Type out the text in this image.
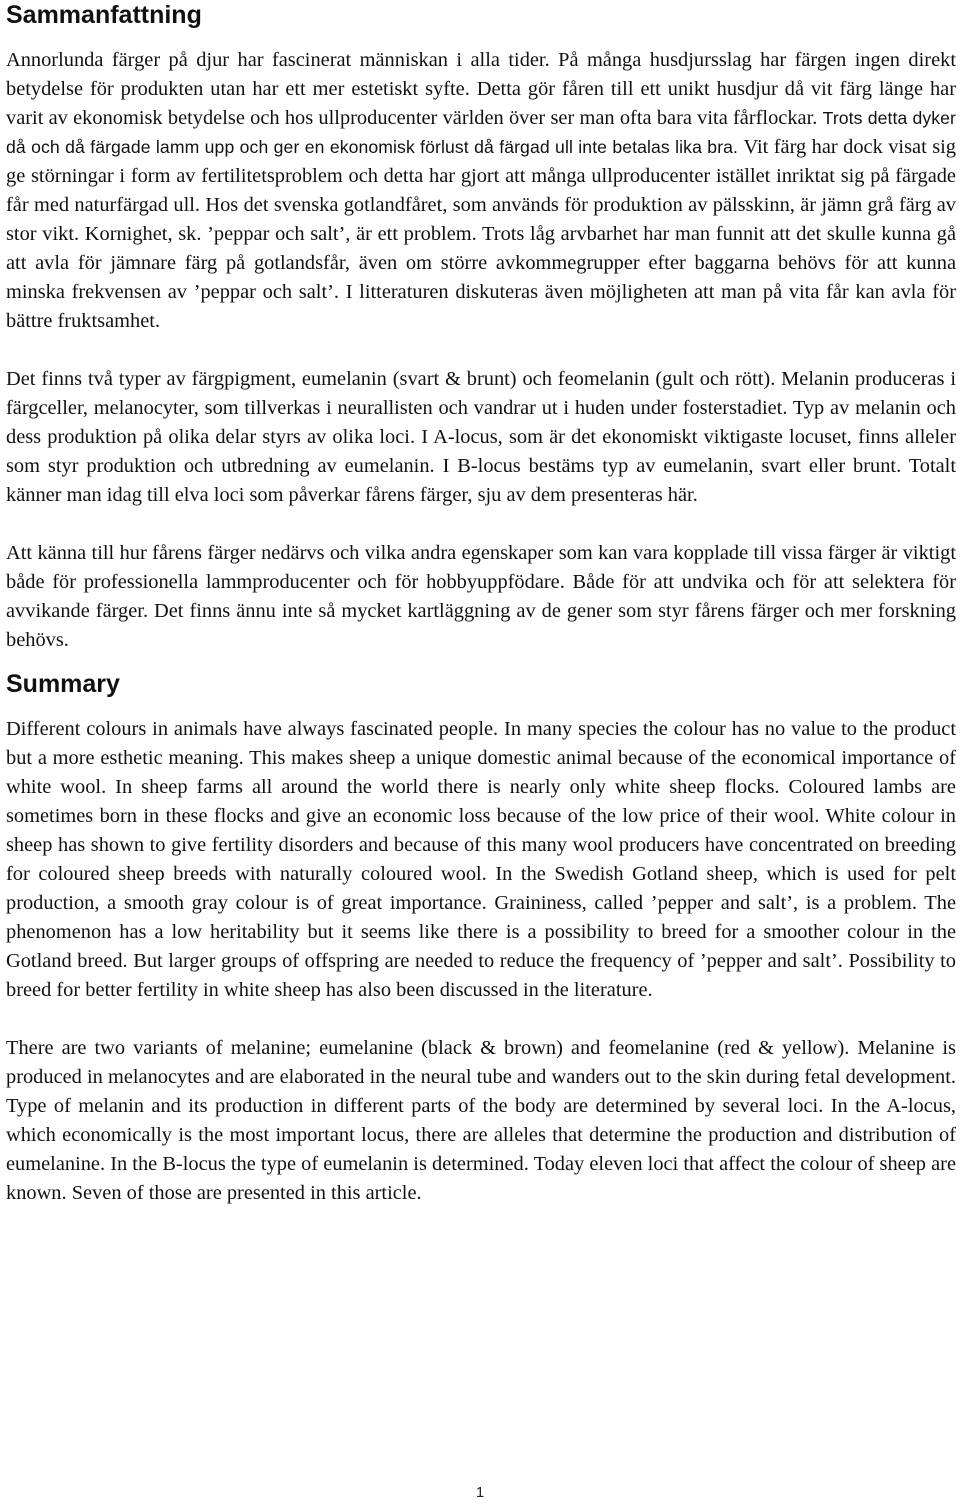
Sammanfattning

Annorlunda färger på djur har fascinerat människan i alla tider. På många husdjursslag har färgen ingen direkt betydelse för produkten utan har ett mer estetiskt syfte. Detta gör fåren till ett unikt husdjur då vit färg länge har varit av ekonomisk betydelse och hos ullproducenter världen över ser man ofta bara vita fårflockar. Trots detta dyker då och då färgade lamm upp och ger en ekonomisk förlust då färgad ull inte betalas lika bra. Vit färg har dock visat sig ge störningar i form av fertilitetsproblem och detta har gjort att många ullproducenter istället inriktat sig på färgade får med naturfärgad ull. Hos det svenska gotlandfåret, som används för produktion av pälsskinn, är jämn grå färg av stor vikt. Kornighet, sk. ’peppar och salt’, är ett problem. Trots låg arvbarhet har man funnit att det skulle kunna gå att avla för jämnare färg på gotlandsfår, även om större avkommegrupper efter baggarna behövs för att kunna minska frekvensen av ’peppar och salt’. I litteraturen diskuteras även möjligheten att man på vita får kan avla för bättre fruktsamhet.

Det finns två typer av färgpigment, eumelanin (svart & brunt) och feomelanin (gult och rött). Melanin produceras i färgceller, melanocyter, som tillverkas i neurallisten och vandrar ut i huden under fosterstadiet. Typ av melanin och dess produktion på olika delar styrs av olika loci. I A-locus, som är det ekonomiskt viktigaste locuset, finns alleler som styr produktion och utbredning av eumelanin. I B-locus bestäms typ av eumelanin, svart eller brunt. Totalt känner man idag till elva loci som påverkar fårens färger, sju av dem presenteras här.

Att känna till hur fårens färger nedärvs och vilka andra egenskaper som kan vara kopplade till vissa färger är viktigt både för professionella lammproducenter och för hobbyuppfödare. Både för att undvika och för att selektera för avvikande färger. Det finns ännu inte så mycket kartläggning av de gener som styr fårens färger och mer forskning behövs.

Summary

Different colours in animals have always fascinated people. In many species the colour has no value to the product but a more esthetic meaning. This makes sheep a unique domestic animal because of the economical importance of white wool. In sheep farms all around the world there is nearly only white sheep flocks. Coloured lambs are sometimes born in these flocks and give an economic loss because of the low price of their wool. White colour in sheep has shown to give fertility disorders and because of this many wool producers have concentrated on breeding for coloured sheep breeds with naturally coloured wool. In the Swedish Gotland sheep, which is used for pelt production, a smooth gray colour is of great importance. Graininess, called ’pepper and salt’, is a problem. The phenomenon has a low heritability but it seems like there is a possibility to breed for a smoother colour in the Gotland breed. But larger groups of offspring are needed to reduce the frequency of ’pepper and salt’. Possibility to breed for better fertility in white sheep has also been discussed in the literature.

There are two variants of melanine; eumelanine (black & brown) and feomelanine (red & yellow). Melanine is produced in melanocytes and are elaborated in the neural tube and wanders out to the skin during fetal development. Type of melanin and its production in different parts of the body are determined by several loci. In the A-locus, which economically is the most important locus, there are alleles that determine the production and distribution of eumelanine. In the B-locus the type of eumelanin is determined. Today eleven loci that affect the colour of sheep are known. Seven of those are presented in this article.

1
